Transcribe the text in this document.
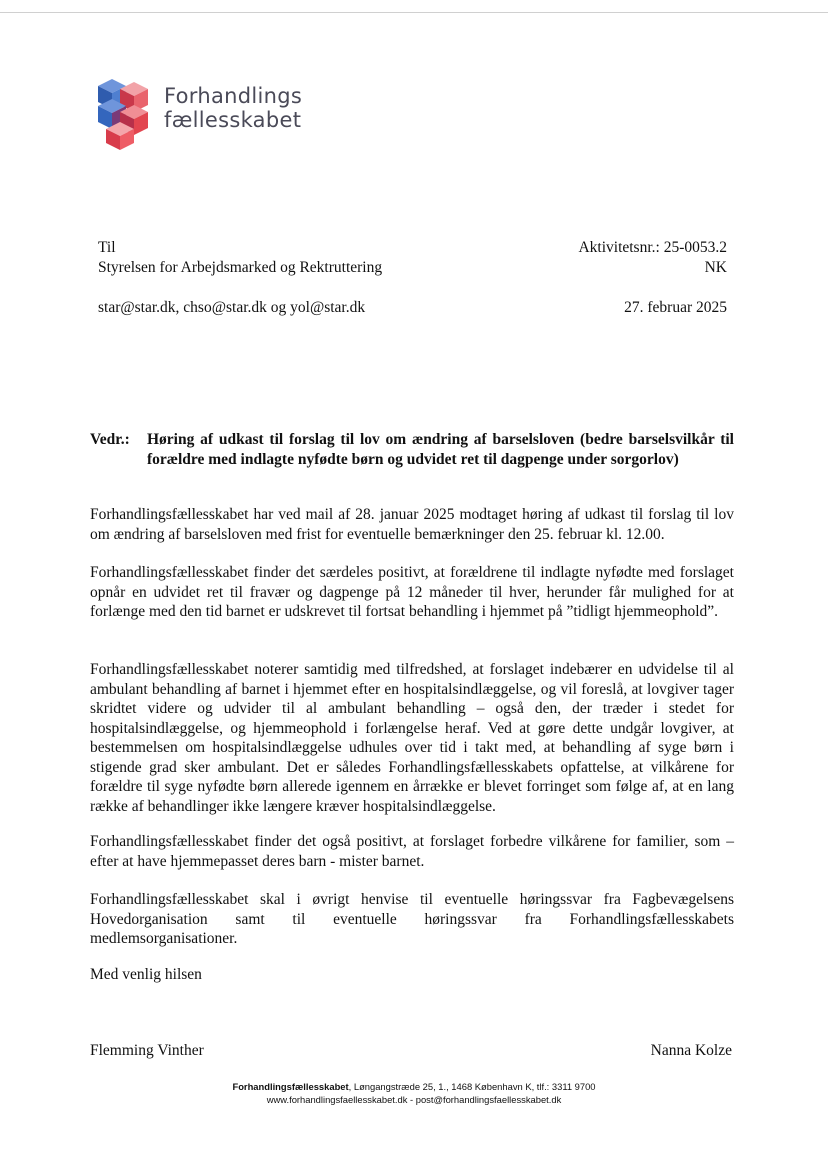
Forhandlings
fællesskabet
Til
Styrelsen for Arbejdsmarked og Rektruttering
star@star.dk, chso@star.dk og yol@star.dk
Aktivitetsnr.: 25-0053.2
NK
27. februar 2025
Vedr.: Høring af udkast til forslag til lov om ændring af barselsloven (bedre barselsvilkår til forældre med indlagte nyfødte børn og udvidet ret til dagpenge under sorgorlov)
Forhandlingsfællesskabet har ved mail af 28. januar 2025 modtaget høring af udkast til forslag til lov om ændring af barselsloven med frist for eventuelle bemærkninger den 25. februar kl. 12.00.
Forhandlingsfællesskabet finder det særdeles positivt, at forældrene til indlagte nyfødte med forslaget opnår en udvidet ret til fravær og dagpenge på 12 måneder til hver, herunder får mulighed for at forlænge med den tid barnet er udskrevet til fortsat behandling i hjemmet på ”tidligt hjemmeophold”.
Forhandlingsfællesskabet noterer samtidig med tilfredshed, at forslaget indebærer en udvidelse til al ambulant behandling af barnet i hjemmet efter en hospitalsindlæggelse, og vil foreslå, at lovgiver tager skridtet videre og udvider til al ambulant behandling – også den, der træder i stedet for hospitalsindlæggelse, og hjemmeophold i forlængelse heraf. Ved at gøre dette undgår lovgiver, at bestemmelsen om hospitalsindlæggelse udhules over tid i takt med, at behandling af syge børn i stigende grad sker ambulant. Det er således Forhandlingsfællesskabets opfattelse, at vilkårene for forældre til syge nyfødte børn allerede igennem en årrække er blevet forringet som følge af, at en lang række af behandlinger ikke længere kræver hospitalsindlæggelse.
Forhandlingsfællesskabet finder det også positivt, at forslaget forbedre vilkårene for familier, som – efter at have hjemmepasset deres barn - mister barnet.
Forhandlingsfællesskabet skal i øvrigt henvise til eventuelle høringssvar fra Fagbevægelsens Hovedorganisation samt til eventuelle høringssvar fra Forhandlingsfællesskabets medlemsorganisationer.
Med venlig hilsen
Flemming Vinther	Nanna Kolze
Forhandlingsfællesskabet, Løngangstræde 25, 1., 1468 København K, tlf.: 3311 9700
www.forhandlingsfaellesskabet.dk - post@forhandlingsfaellesskabet.dk
